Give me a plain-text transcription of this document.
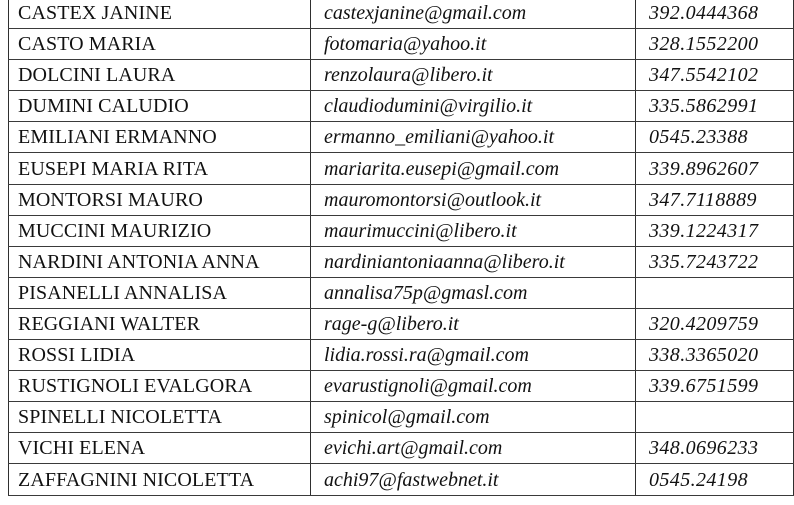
CASTEX JANINE	castexjanine@gmail.com	392.0444368
CASTO MARIA	fotomaria@yahoo.it	328.1552200
DOLCINI LAURA	renzolaura@libero.it	347.5542102
DUMINI CALUDIO	claudiodumini@virgilio.it	335.5862991
EMILIANI ERMANNO	ermanno_emiliani@yahoo.it	0545.23388
EUSEPI MARIA RITA	mariarita.eusepi@gmail.com	339.8962607
MONTORSI MAURO	mauromontorsi@outlook.it	347.7118889
MUCCINI MAURIZIO	maurimuccini@libero.it	339.1224317
NARDINI ANTONIA ANNA	nardiniantoniaanna@libero.it	335.7243722
PISANELLI ANNALISA	annalisa75p@gmasl.com
REGGIANI WALTER	rage-g@libero.it	320.4209759
ROSSI LIDIA	lidia.rossi.ra@gmail.com	338.3365020
RUSTIGNOLI EVALGORA	evarustignoli@gmail.com	339.6751599
SPINELLI NICOLETTA	spinicol@gmail.com
VICHI ELENA	evichi.art@gmail.com	348.0696233
ZAFFAGNINI NICOLETTA	achi97@fastwebnet.it	0545.24198
